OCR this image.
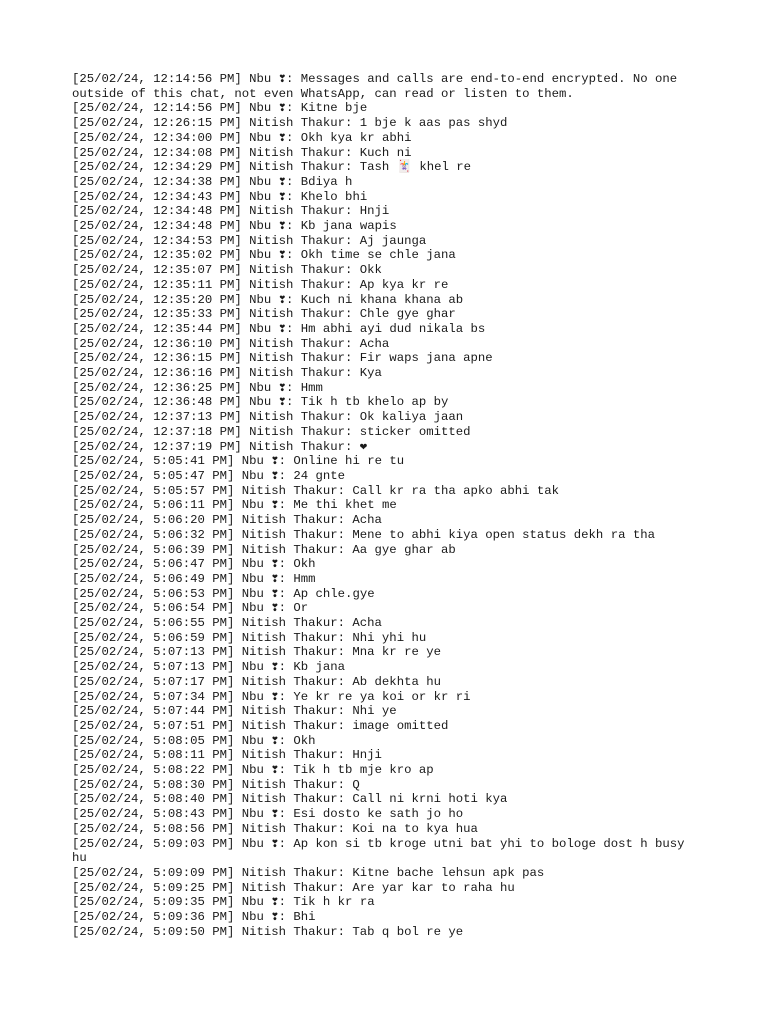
[25/02/24, 12:14:56 PM] Nbu ❣: Messages and calls are end-to-end encrypted. No one outside of this chat, not even WhatsApp, can read or listen to them.
[25/02/24, 12:14:56 PM] Nbu ❣: Kitne bje
[25/02/24, 12:26:15 PM] Nitish Thakur: 1 bje k aas pas shyd
[25/02/24, 12:34:00 PM] Nbu ❣: Okh kya kr abhi
[25/02/24, 12:34:08 PM] Nitish Thakur: Kuch ni
[25/02/24, 12:34:29 PM] Nitish Thakur: Tash 🃏 khel re
[25/02/24, 12:34:38 PM] Nbu ❣: Bdiya h
[25/02/24, 12:34:43 PM] Nbu ❣: Khelo bhi
[25/02/24, 12:34:48 PM] Nitish Thakur: Hnji
[25/02/24, 12:34:48 PM] Nbu ❣: Kb jana wapis
[25/02/24, 12:34:53 PM] Nitish Thakur: Aj jaunga
[25/02/24, 12:35:02 PM] Nbu ❣: Okh time se chle jana
[25/02/24, 12:35:07 PM] Nitish Thakur: Okk
[25/02/24, 12:35:11 PM] Nitish Thakur: Ap kya kr re
[25/02/24, 12:35:20 PM] Nbu ❣: Kuch ni khana khana ab
[25/02/24, 12:35:33 PM] Nitish Thakur: Chle gye ghar
[25/02/24, 12:35:44 PM] Nbu ❣: Hm abhi ayi dud nikala bs
[25/02/24, 12:36:10 PM] Nitish Thakur: Acha
[25/02/24, 12:36:15 PM] Nitish Thakur: Fir waps jana apne
[25/02/24, 12:36:16 PM] Nitish Thakur: Kya
[25/02/24, 12:36:25 PM] Nbu ❣: Hmm
[25/02/24, 12:36:48 PM] Nbu ❣: Tik h tb khelo ap by
[25/02/24, 12:37:13 PM] Nitish Thakur: Ok kaliya jaan
[25/02/24, 12:37:18 PM] Nitish Thakur: sticker omitted
[25/02/24, 12:37:19 PM] Nitish Thakur: ❤
[25/02/24, 5:05:41 PM] Nbu ❣: Online hi re tu
[25/02/24, 5:05:47 PM] Nbu ❣: 24 gnte
[25/02/24, 5:05:57 PM] Nitish Thakur: Call kr ra tha apko abhi tak
[25/02/24, 5:06:11 PM] Nbu ❣: Me thi khet me
[25/02/24, 5:06:20 PM] Nitish Thakur: Acha
[25/02/24, 5:06:32 PM] Nitish Thakur: Mene to abhi kiya open status dekh ra tha
[25/02/24, 5:06:39 PM] Nitish Thakur: Aa gye ghar ab
[25/02/24, 5:06:47 PM] Nbu ❣: Okh
[25/02/24, 5:06:49 PM] Nbu ❣: Hmm
[25/02/24, 5:06:53 PM] Nbu ❣: Ap chle.gye
[25/02/24, 5:06:54 PM] Nbu ❣: Or
[25/02/24, 5:06:55 PM] Nitish Thakur: Acha
[25/02/24, 5:06:59 PM] Nitish Thakur: Nhi yhi hu
[25/02/24, 5:07:13 PM] Nitish Thakur: Mna kr re ye
[25/02/24, 5:07:13 PM] Nbu ❣: Kb jana
[25/02/24, 5:07:17 PM] Nitish Thakur: Ab dekhta hu
[25/02/24, 5:07:34 PM] Nbu ❣: Ye kr re ya koi or kr ri
[25/02/24, 5:07:44 PM] Nitish Thakur: Nhi ye
[25/02/24, 5:07:51 PM] Nitish Thakur: image omitted
[25/02/24, 5:08:05 PM] Nbu ❣: Okh
[25/02/24, 5:08:11 PM] Nitish Thakur: Hnji
[25/02/24, 5:08:22 PM] Nbu ❣: Tik h tb mje kro ap
[25/02/24, 5:08:30 PM] Nitish Thakur: Q
[25/02/24, 5:08:40 PM] Nitish Thakur: Call ni krni hoti kya
[25/02/24, 5:08:43 PM] Nbu ❣: Esi dosto ke sath jo ho
[25/02/24, 5:08:56 PM] Nitish Thakur: Koi na to kya hua
[25/02/24, 5:09:03 PM] Nbu ❣: Ap kon si tb kroge utni bat yhi to bologe dost h busy hu
[25/02/24, 5:09:09 PM] Nitish Thakur: Kitne bache lehsun apk pas
[25/02/24, 5:09:25 PM] Nitish Thakur: Are yar kar to raha hu
[25/02/24, 5:09:35 PM] Nbu ❣: Tik h kr ra
[25/02/24, 5:09:36 PM] Nbu ❣: Bhi
[25/02/24, 5:09:50 PM] Nitish Thakur: Tab q bol re ye
